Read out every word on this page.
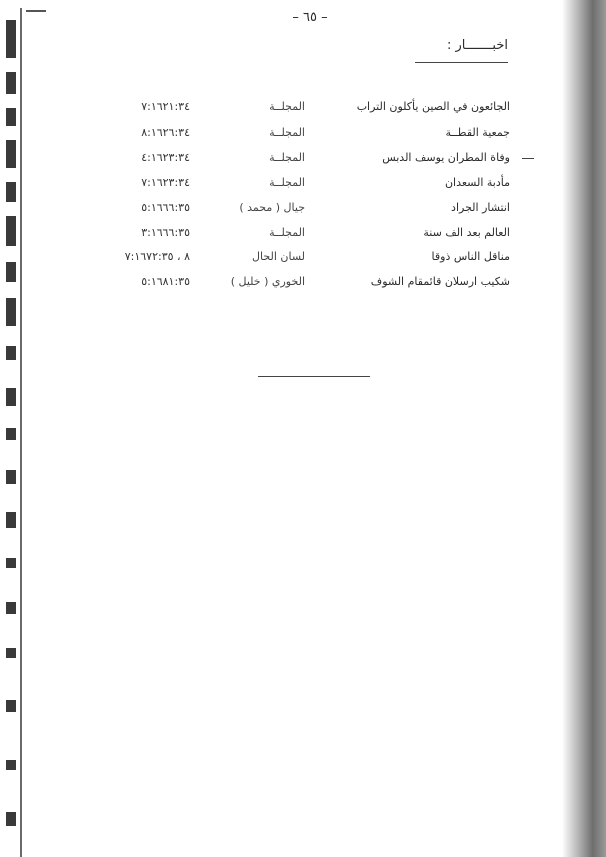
– ٦٥ –
اخبـــــــار :
الجائعون في الصين يأكلون التراب
المجلــة
٧:١٦٢١:٣٤
جمعية القطــة
المجلــة
٨:١٦٢٦:٣٤
وفاة المطران يوسف الدبس
المجلــة
٤:١٦٢٣:٣٤
مأدبة السعدان
المجلــة
٧:١٦٢٣:٣٤
انتشار الجراد
جيال ( محمد )
٥:١٦٦٦:٣٥
العالم بعد الف سنة
المجلــة
٣:١٦٦٦:٣٥
مناقل الناس ذوقا
لسان الحال
٨ ، ٧:١٦٧٢:٣٥
شكيب ارسلان قائمقام الشوف
الخوري ( خليل )
٥:١٦٨١:٣٥
